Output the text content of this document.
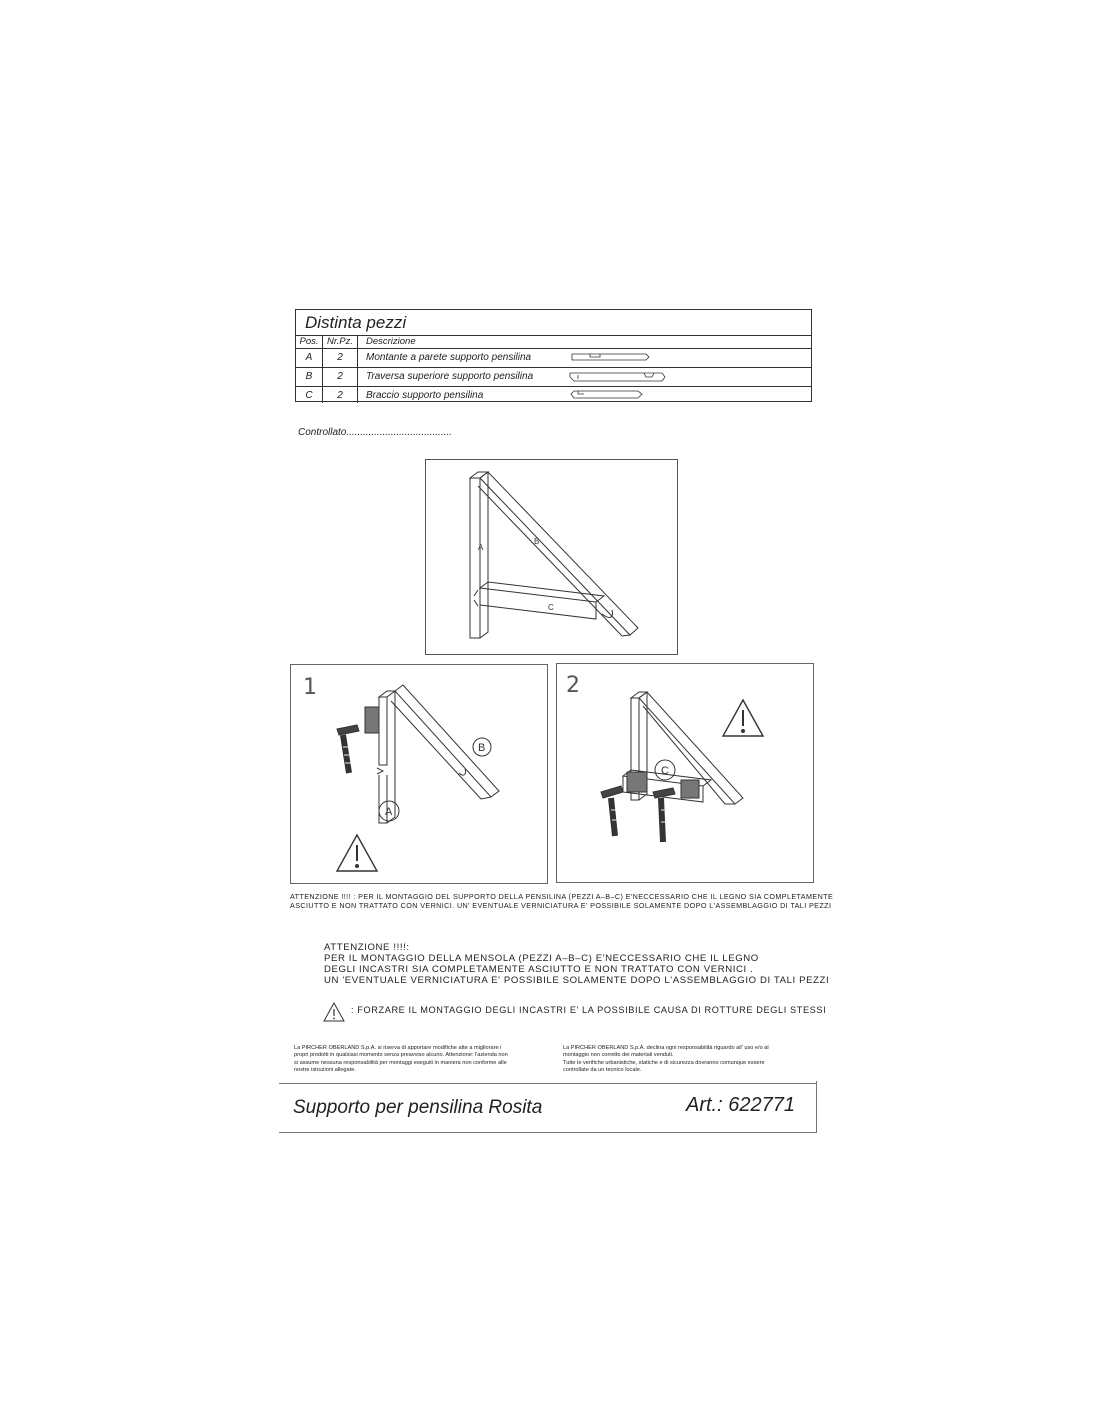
Distinta pezzi
Pos. Nr.Pz.	Descrizione
A	2	Montante a parete supporto pensilina
B	2	Traversa superiore supporto pensilina
C	2	Braccio supporto pensilina
Controllato......................................
A
B
C
1
B
A
2
C
ATTENZIONE !!!! : PER IL MONTAGGIO DEL SUPPORTO DELLA PENSILINA (PEZZI A–B–C) E'NECCESSARIO CHE IL LEGNO SIA COMPLETAMENTE
ASCIUTTO E NON TRATTATO CON VERNICI. UN' EVENTUALE VERNICIATURA E' POSSIBILE SOLAMENTE DOPO L'ASSEMBLAGGIO DI TALI PEZZI
ATTENZIONE !!!!:
PER IL MONTAGGIO DELLA MENSOLA (PEZZI A–B–C) E'NECCESSARIO CHE IL LEGNO
DEGLI INCASTRI SIA COMPLETAMENTE ASCIUTTO E NON TRATTATO CON VERNICI .
UN 'EVENTUALE VERNICIATURA E' POSSIBILE SOLAMENTE DOPO L'ASSEMBLAGGIO DI TALI PEZZI
: FORZARE IL MONTAGGIO DEGLI INCASTRI E' LA POSSIBILE CAUSA DI ROTTURE DEGLI STESSI
La PIRCHER OBERLAND S.p.A. si riserva di apportare modifiche atte a migliorare i
propri prodotti in qualsiasi momento senza preavviso alcuno. Attenzione: l'azienda non
si assume nessuna responsabilità per montaggi eseguiti in maniera non conforme alle
nostre istruzioni allegate.
La PIRCHER OBERLAND S.p.A. declina ogni responsabilità riguardo all' uso e/o al
montaggio non corretto dei materiali venduti.
Tutte le verifiche urbanistiche, statiche e di sicurezza dovranno comunque essere
controllate da un tecnico locale.
Supporto per pensilina Rosita	Art.: 622771
